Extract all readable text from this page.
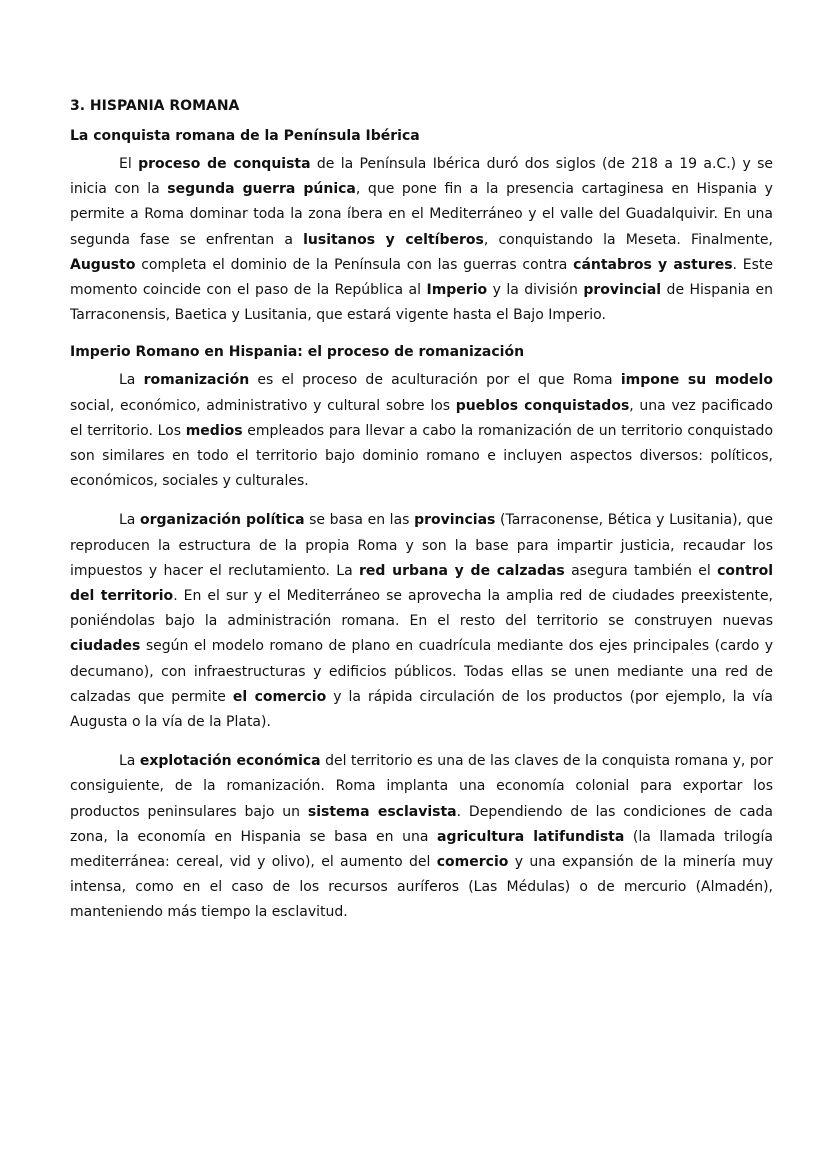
3. HISPANIA ROMANA
La conquista romana de la Península Ibérica

El proceso de conquista de la Península Ibérica duró dos siglos (de 218 a 19 a.C.) y se inicia con la segunda guerra púnica, que pone fin a la presencia cartaginesa en Hispania y permite a Roma dominar toda la zona íbera en el Mediterráneo y el valle del Guadalquivir. En una segunda fase se enfrentan a lusitanos y celtíberos, conquistando la Meseta. Finalmente, Augusto completa el dominio de la Península con las guerras contra cántabros y astures. Este momento coincide con el paso de la República al Imperio y la división provincial de Hispania en Tarraconensis, Baetica y Lusitania, que estará vigente hasta el Bajo Imperio.

Imperio Romano en Hispania: el proceso de romanización

La romanización es el proceso de aculturación por el que Roma impone su modelo social, económico, administrativo y cultural sobre los pueblos conquistados, una vez pacificado el territorio. Los medios empleados para llevar a cabo la romanización de un territorio conquistado son similares en todo el territorio bajo dominio romano e incluyen aspectos diversos: políticos, económicos, sociales y culturales.

La organización política se basa en las provincias (Tarraconense, Bética y Lusitania), que reproducen la estructura de la propia Roma y son la base para impartir justicia, recaudar los impuestos y hacer el reclutamiento. La red urbana y de calzadas asegura también el control del territorio. En el sur y el Mediterráneo se aprovecha la amplia red de ciudades preexistente, poniéndolas bajo la administración romana. En el resto del territorio se construyen nuevas ciudades según el modelo romano de plano en cuadrícula mediante dos ejes principales (cardo y decumano), con infraestructuras y edificios públicos. Todas ellas se unen mediante una red de calzadas que permite el comercio y la rápida circulación de los productos (por ejemplo, la vía Augusta o la vía de la Plata).

La explotación económica del territorio es una de las claves de la conquista romana y, por consiguiente, de la romanización. Roma implanta una economía colonial para exportar los productos peninsulares bajo un sistema esclavista. Dependiendo de las condiciones de cada zona, la economía en Hispania se basa en una agricultura latifundista (la llamada trilogía mediterránea: cereal, vid y olivo), el aumento del comercio y una expansión de la minería muy intensa, como en el caso de los recursos auríferos (Las Médulas) o de mercurio (Almadén), manteniendo más tiempo la esclavitud.
